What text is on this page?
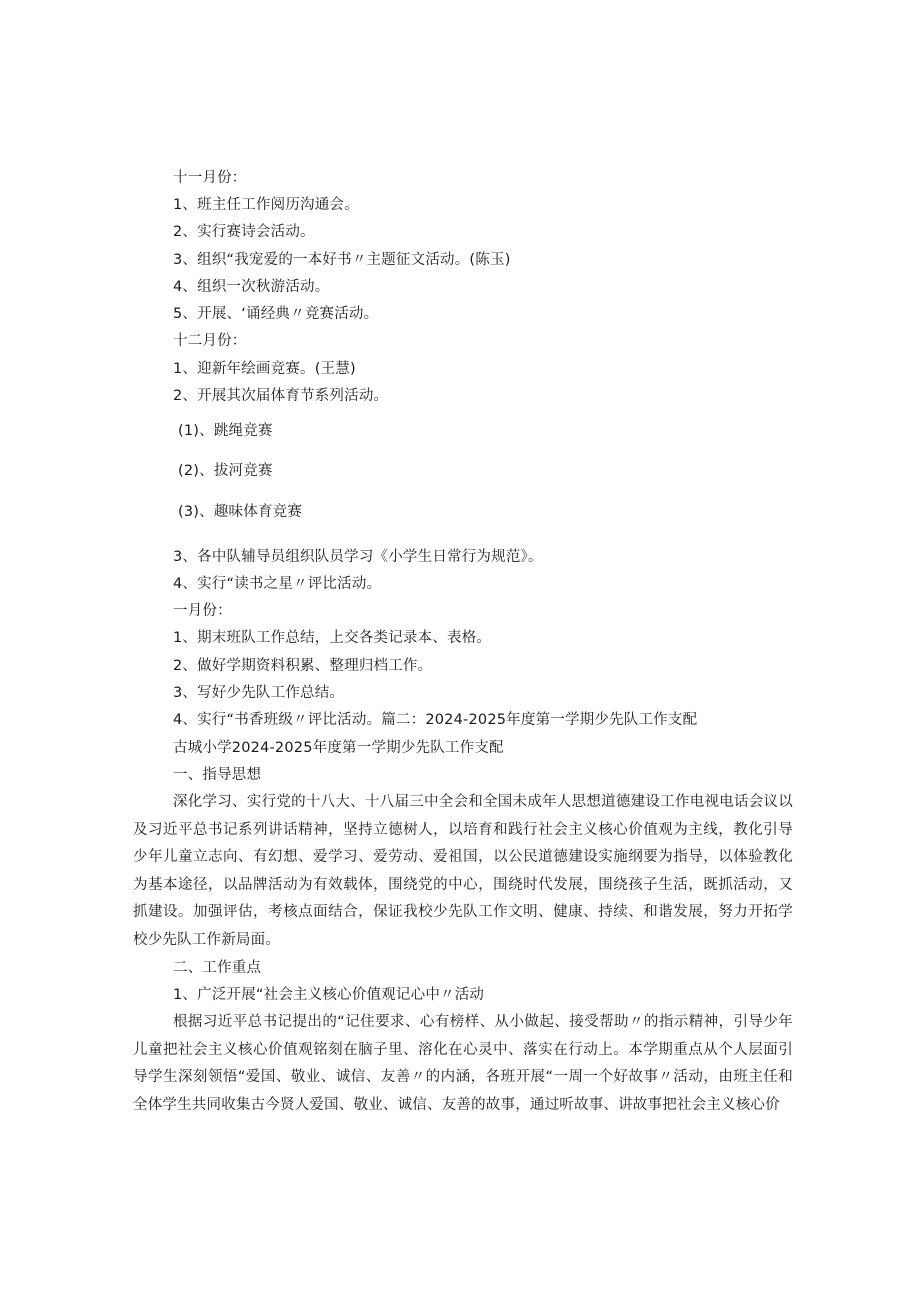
十一月份：
1、班主任工作阅历沟通会。
2、实行赛诗会活动。
3、组织“我宠爱的一本好书〃主题征文活动。(陈玉)
4、组织一次秋游活动。
5、开展、‘诵经典〃竞赛活动。
十二月份：
1、迎新年绘画竞赛。(王慧)
2、开展其次届体育节系列活动。
(1)、跳绳竞赛
(2)、拔河竞赛
(3)、趣味体育竞赛
3、各中队辅导员组织队员学习《小学生日常行为规范》。
4、实行“读书之星〃评比活动。
一月份：
1、期末班队工作总结，上交各类记录本、表格。
2、做好学期资料积累、整理归档工作。
3、写好少先队工作总结。
4、实行“书香班级〃评比活动。篇二：2024-2025年度第一学期少先队工作支配
古城小学2024-2025年度第一学期少先队工作支配
一、指导思想
深化学习、实行党的十八大、十八届三中全会和全国未成年人思想道德建设工作电视电话会议以及习近平总书记系列讲话精神，坚持立德树人，以培育和践行社会主义核心价值观为主线，教化引导少年儿童立志向、有幻想、爱学习、爱劳动、爱祖国，以公民道德建设实施纲要为指导，以体验教化为基本途径，以品牌活动为有效载体，围绕党的中心，围绕时代发展，围绕孩子生活，既抓活动，又抓建设。加强评估，考核点面结合，保证我校少先队工作文明、健康、持续、和谐发展，努力开拓学校少先队工作新局面。
二、工作重点
1、广泛开展“社会主义核心价值观记心中〃活动
根据习近平总书记提出的“记住要求、心有榜样、从小做起、接受帮助〃的指示精神，引导少年儿童把社会主义核心价值观铭刻在脑子里、溶化在心灵中、落实在行动上。本学期重点从个人层面引导学生深刻领悟“爱国、敬业、诚信、友善〃的内涵，各班开展“一周一个好故事〃活动，由班主任和全体学生共同收集古今贤人爱国、敬业、诚信、友善的故事，通过听故事、讲故事把社会主义核心价
